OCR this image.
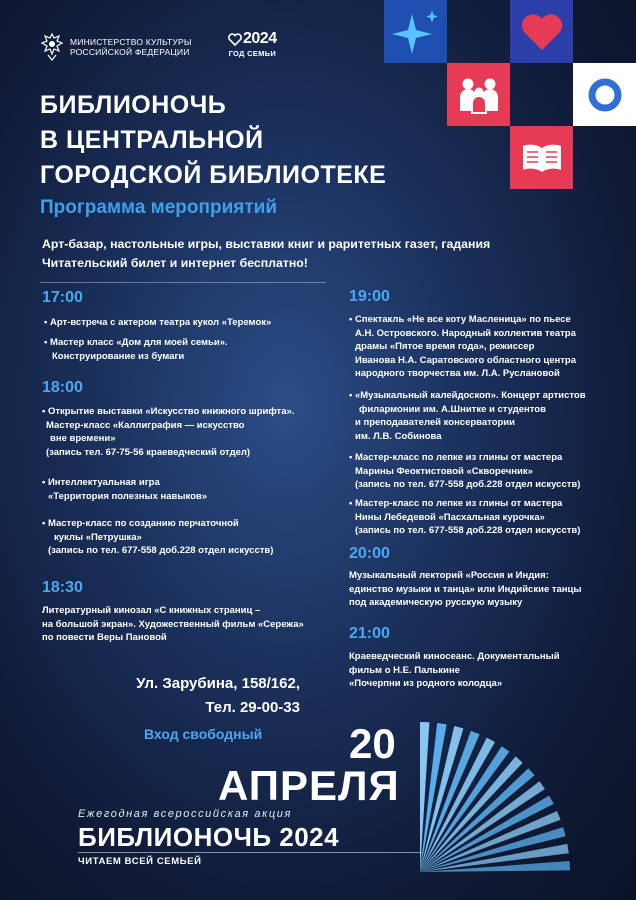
МИНИСТЕРСТВО КУЛЬТУРЫ
РОССИЙСКОЙ ФЕДЕРАЦИИ
2024
ГОД СЕМЬИ
БИБЛИОНОЧЬ
В ЦЕНТРАЛЬНОЙ
ГОРОДСКОЙ БИБЛИОТЕКЕ
Программа мероприятий
Арт-базар, настольные игры, выставки книг и раритетных газет, гадания
Читательский билет и интернет бесплатно!
17:00
• Арт-встреча с актером театра кукол «Теремок»
• Мастер класс «Дом для моей семьи».
Конструирование из бумаги
18:00
• Открытие выставки «Искусство книжного шрифта».
Мастер-класс «Каллиграфия — искусство
вне времени»
(запись тел. 67-75-56 краеведческий отдел)
• Интеллектуальная игра
«Территория полезных навыков»
• Мастер-класс по созданию перчаточной
куклы «Петрушка»
(запись по тел. 677-558 доб.228 отдел искусств)
18:30
Литературный кинозал «С книжных страниц –
на большой экран». Художественный фильм «Сережа»
по повести Веры Пановой
19:00
• Спектакль «Не все коту Масленица» по пьесе
А.Н. Островского. Народный коллектив театра
драмы «Пятое время года», режиссер
Иванова Н.А. Саратовского областного центра
народного творчества им. Л.А. Руслановой
• «Музыкальный калейдоскоп». Концерт артистов
филармонии им. А.Шнитке и студентов
и преподавателей консерватории
им. Л.В. Собинова
• Мастер-класс по лепке из глины от мастера
Марины Феоктистовой «Скворечник»
(запись по тел. 677-558 доб.228 отдел искусств)
• Мастер-класс по лепке из глины от мастера
Нины Лебедевой «Пасхальная курочка»
(запись по тел. 677-558 доб.228 отдел искусств)
20:00
Музыкальный лекторий «Россия и Индия:
единство музыки и танца» или Индийские танцы
под академическую русскую музыку
21:00
Краеведческий киносеанс. Документальный
фильм о Н.Е. Палькине
«Почерпни из родного колодца»
Ул. Зарубина, 158/162,
Тел. 29-00-33
Вход свободный 20
АПРЕЛЯ
Ежегодная всероссийская акция
БИБЛИОНОЧЬ 2024
ЧИТАЕМ ВСЕЙ СЕМЬЕЙ
